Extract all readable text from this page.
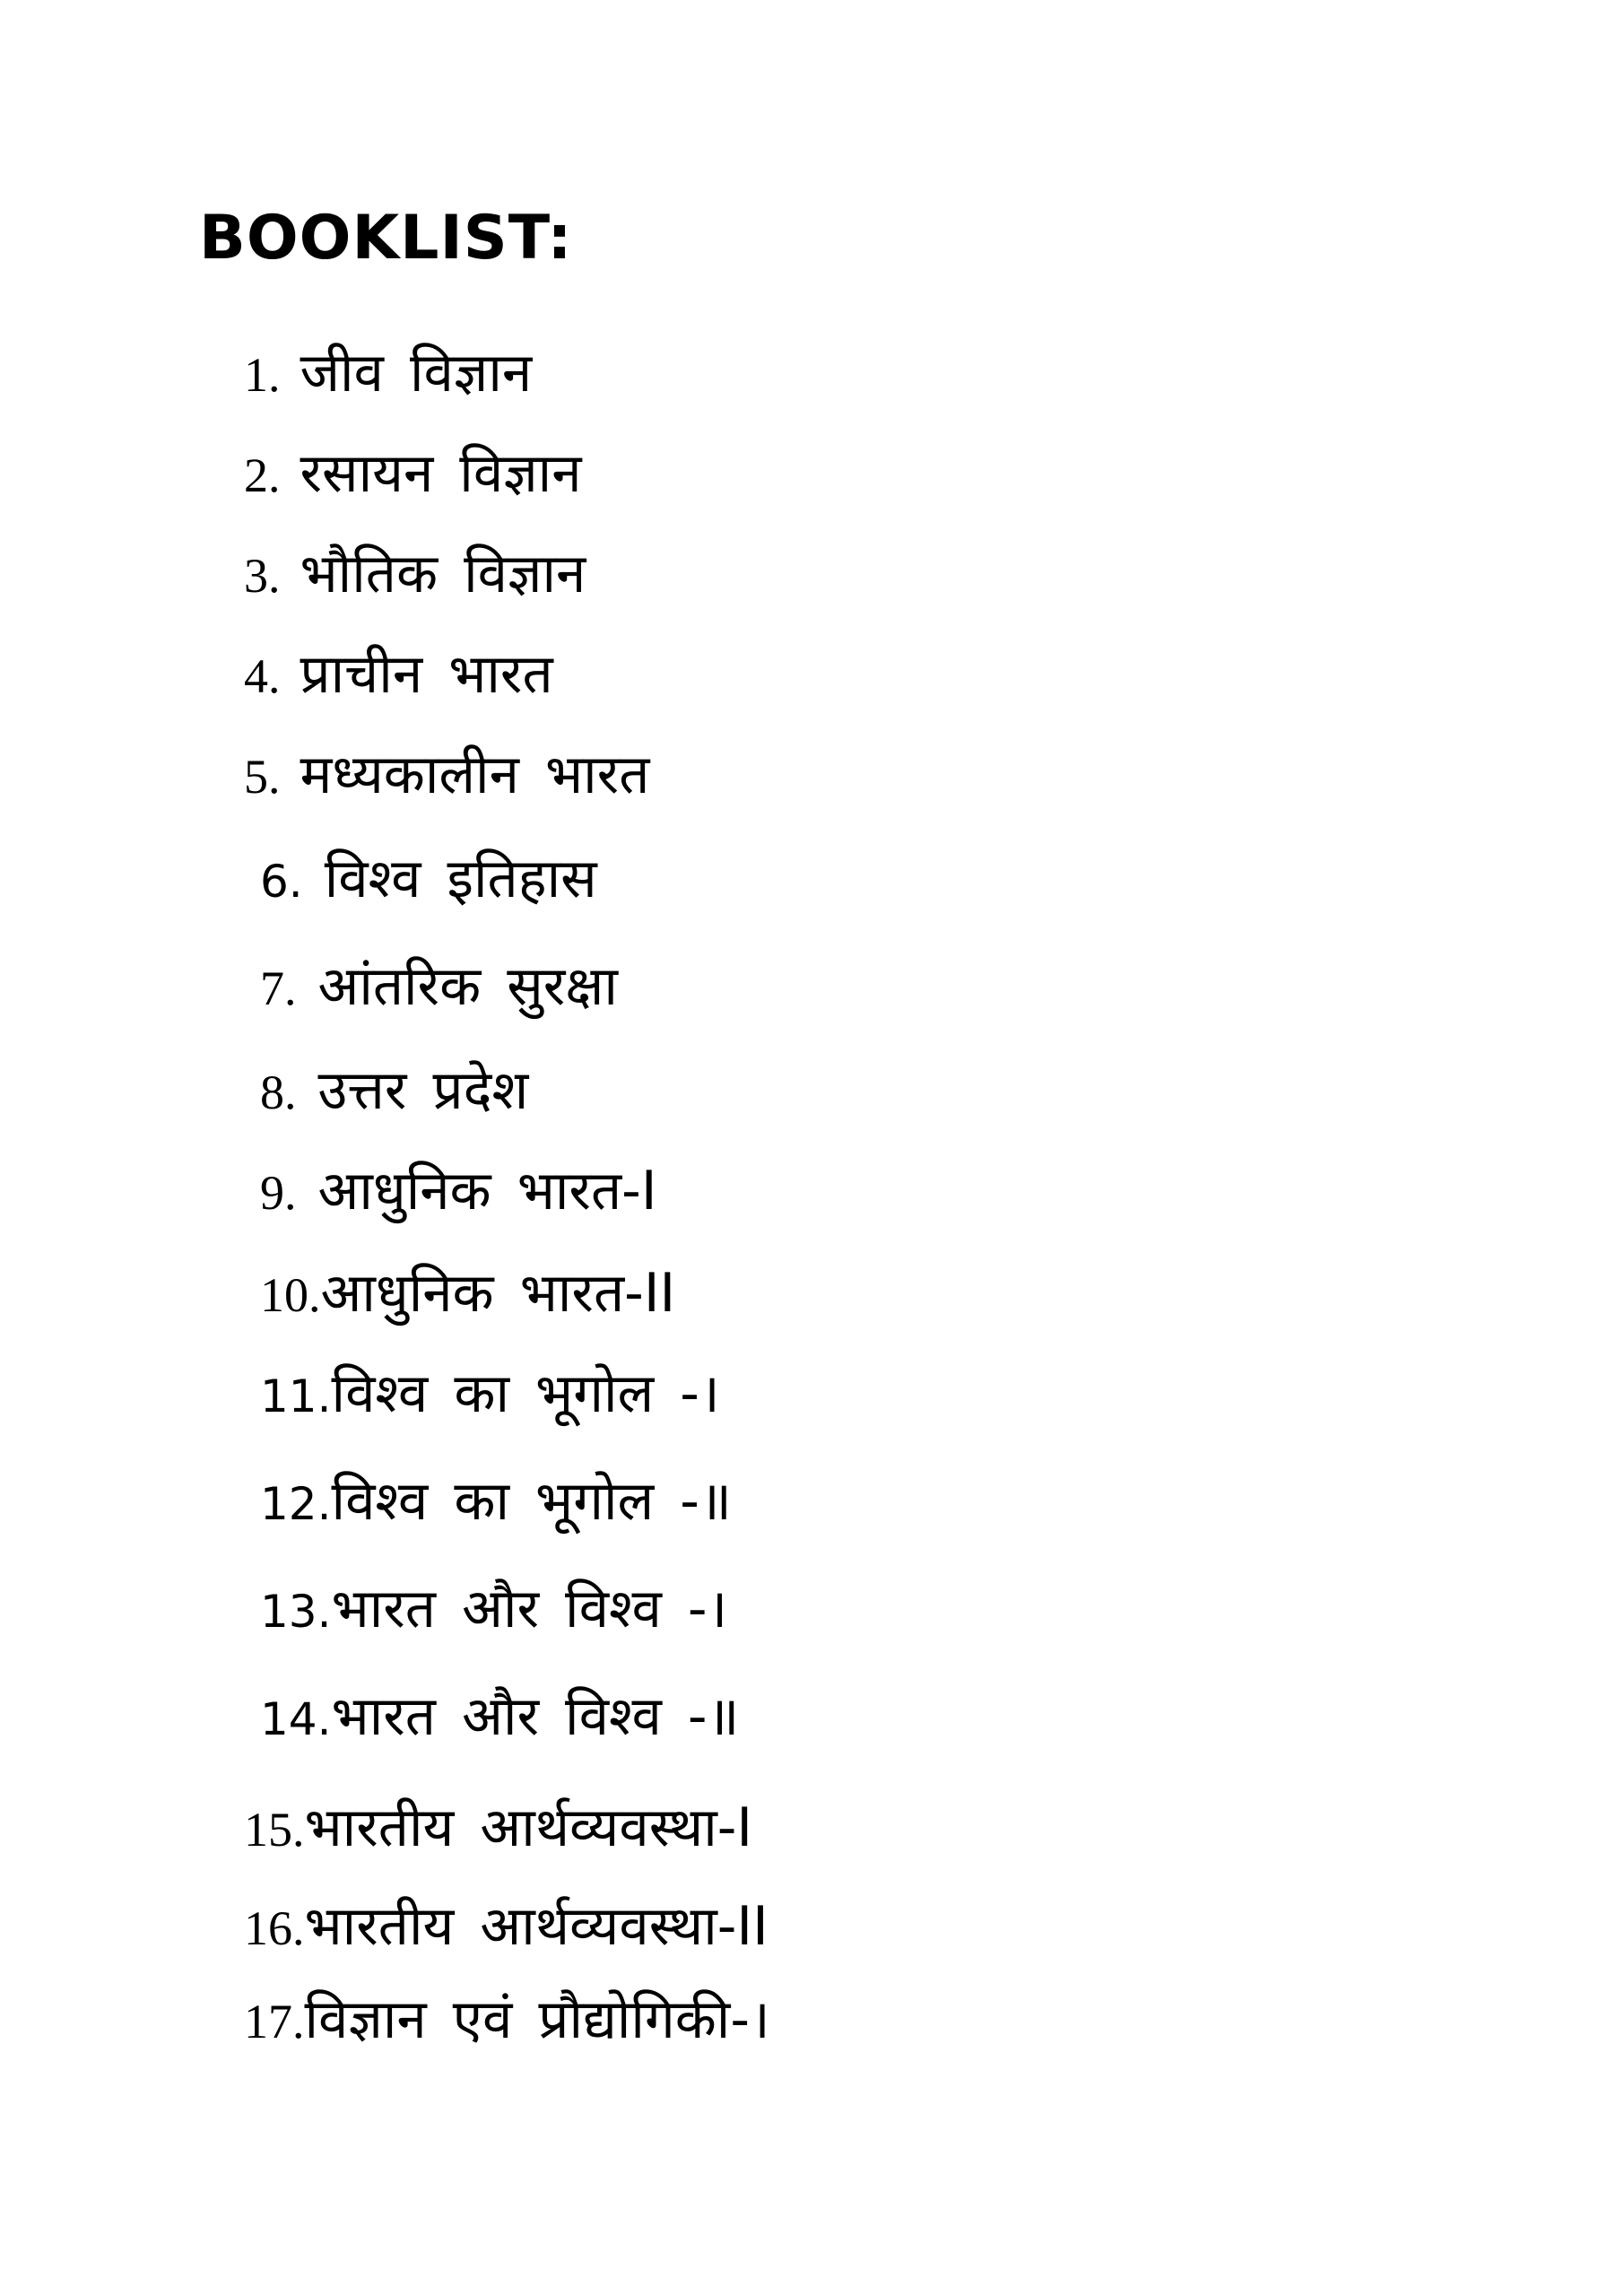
BOOKLIST:
1. जीव विज्ञान
2. रसायन विज्ञान
3. भौतिक विज्ञान
4. प्राचीन भारत
5. मध्यकालीन भारत
6. विश्व इतिहास
7. आंतरिक सुरक्षा
8. उत्तर प्रदेश
9. आधुनिक भारत-I
10.आधुनिक भारत-II
11.विश्व का भूगोल -।
12.विश्व का भूगोल -॥
13.भारत और विश्व -।
14.भारत और विश्व -॥
15.भारतीय आर्थव्यवस्था-I
16.भारतीय आर्थव्यवस्था-II
17.विज्ञान एवं प्रौद्योगिकी-।
